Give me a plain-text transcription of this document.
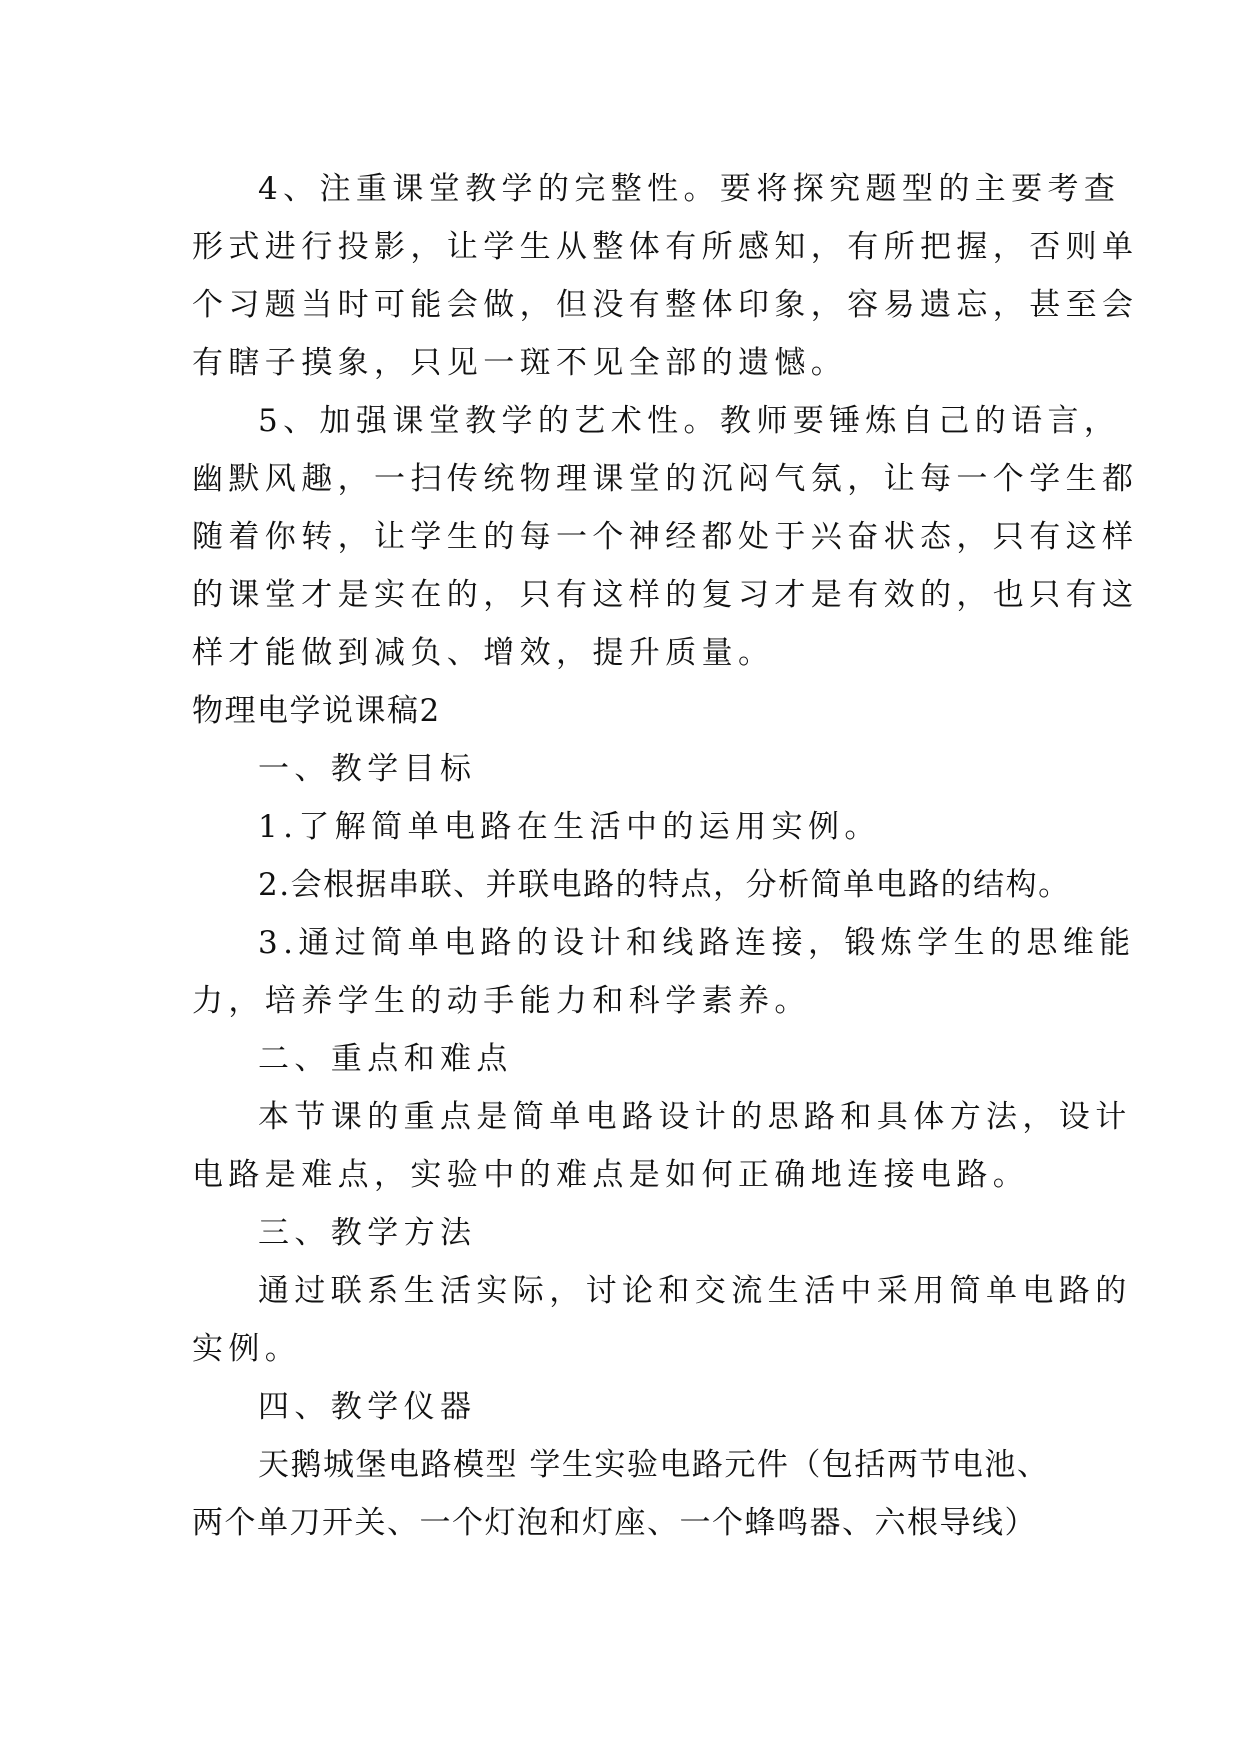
4、注重课堂教学的完整性。要将探究题型的主要考查
形式进行投影，让学生从整体有所感知，有所把握，否则单
个习题当时可能会做，但没有整体印象，容易遗忘，甚至会
有瞎子摸象，只见一斑不见全部的遗憾。
5、加强课堂教学的艺术性。教师要锤炼自己的语言，
幽默风趣，一扫传统物理课堂的沉闷气氛，让每一个学生都
随着你转，让学生的每一个神经都处于兴奋状态，只有这样
的课堂才是实在的，只有这样的复习才是有效的，也只有这
样才能做到减负、增效，提升质量。
物理电学说课稿2
一、教学目标
1.了解简单电路在生活中的运用实例。
2.会根据串联、并联电路的特点，分析简单电路的结构。
3.通过简单电路的设计和线路连接，锻炼学生的思维能
力，培养学生的动手能力和科学素养。
二、重点和难点
本节课的重点是简单电路设计的思路和具体方法，设计
电路是难点，实验中的难点是如何正确地连接电路。
三、教学方法
通过联系生活实际，讨论和交流生活中采用简单电路的
实例。
四、教学仪器
天鹅城堡电路模型 学生实验电路元件（包括两节电池、
两个单刀开关、一个灯泡和灯座、一个蜂鸣器、六根导线）
